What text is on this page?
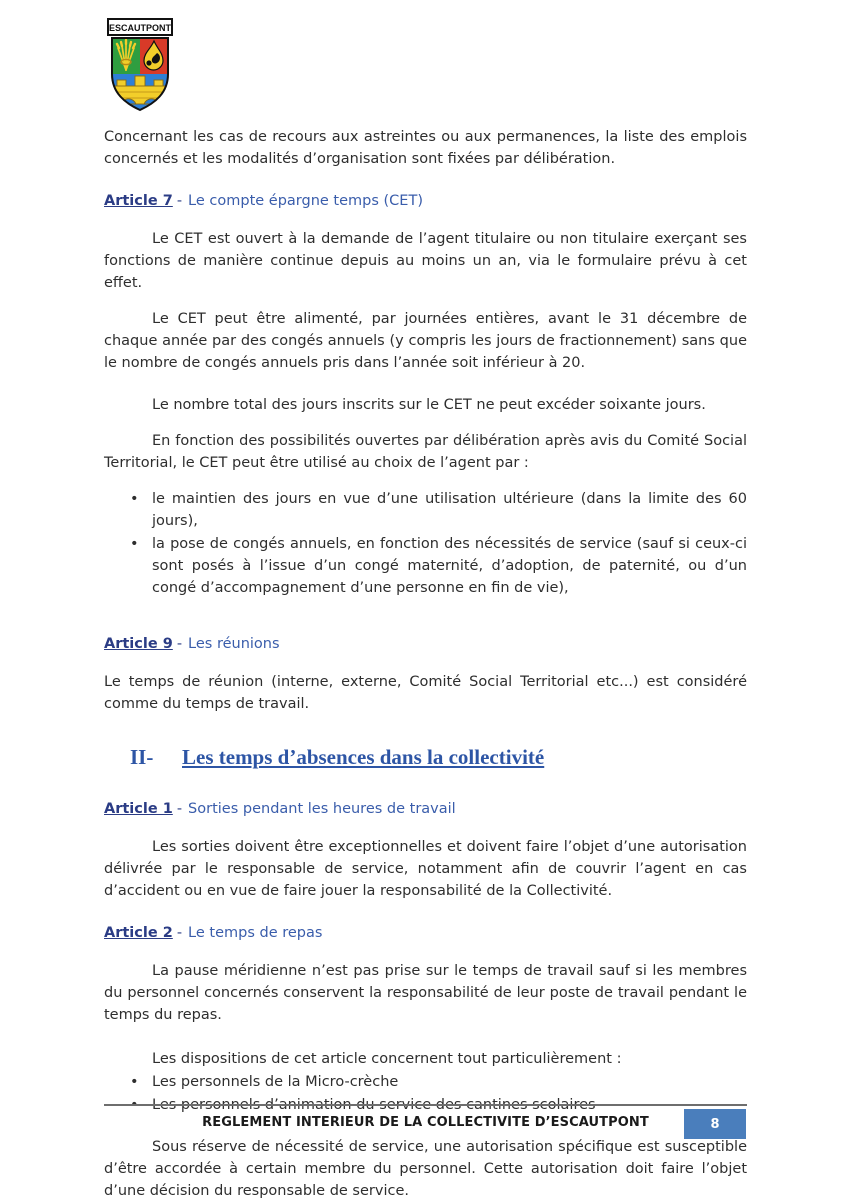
ESCAUTPONT

Concernant les cas de recours aux astreintes ou aux permanences, la liste des emplois concernés et les modalités d’organisation sont fixées par délibération.

Article 7 - Le compte épargne temps (CET)

Le CET est ouvert à la demande de l’agent titulaire ou non titulaire exerçant ses fonctions de manière continue depuis au moins un an, via le formulaire prévu à cet effet.

Le CET peut être alimenté, par journées entières, avant le 31 décembre de chaque année par des congés annuels (y compris les jours de fractionnement) sans que le nombre de congés annuels pris dans l’année soit inférieur à 20.

Le nombre total des jours inscrits sur le CET ne peut excéder soixante jours.

En fonction des possibilités ouvertes par délibération après avis du Comité Social Territorial, le CET peut être utilisé au choix de l’agent par :

• le maintien des jours en vue d’une utilisation ultérieure (dans la limite des 60 jours),
• la pose de congés annuels, en fonction des nécessités de service (sauf si ceux-ci sont posés à l’issue d’un congé maternité, d’adoption, de paternité, ou d’un congé d’accompagnement d’une personne en fin de vie),
Article 9 - Les réunions

Le temps de réunion (interne, externe, Comité Social Territorial etc...) est considéré comme du temps de travail.

II-	Les temps d’absences dans la collectivité
Article 1 - Sorties pendant les heures de travail

Les sorties doivent être exceptionnelles et doivent faire l’objet d’une autorisation délivrée par le responsable de service, notamment afin de couvrir l’agent en cas d’accident ou en vue de faire jouer la responsabilité de la Collectivité.

Article 2 - Le temps de repas

La pause méridienne n’est pas prise sur le temps de travail sauf si les membres du personnel concernés conservent la responsabilité de leur poste de travail pendant le temps du repas.

Les dispositions de cet article concernent tout particulièrement :

• Les personnels de la Micro-crèche
• Les personnels d’animation du service des cantines scolaires

Sous réserve de nécessité de service, une autorisation spécifique est susceptible d’être accordée à certain membre du personnel. Cette autorisation doit faire l’objet d’une décision du responsable de service.

REGLEMENT INTERIEUR DE LA COLLECTIVITE D’ESCAUTPONT	8
